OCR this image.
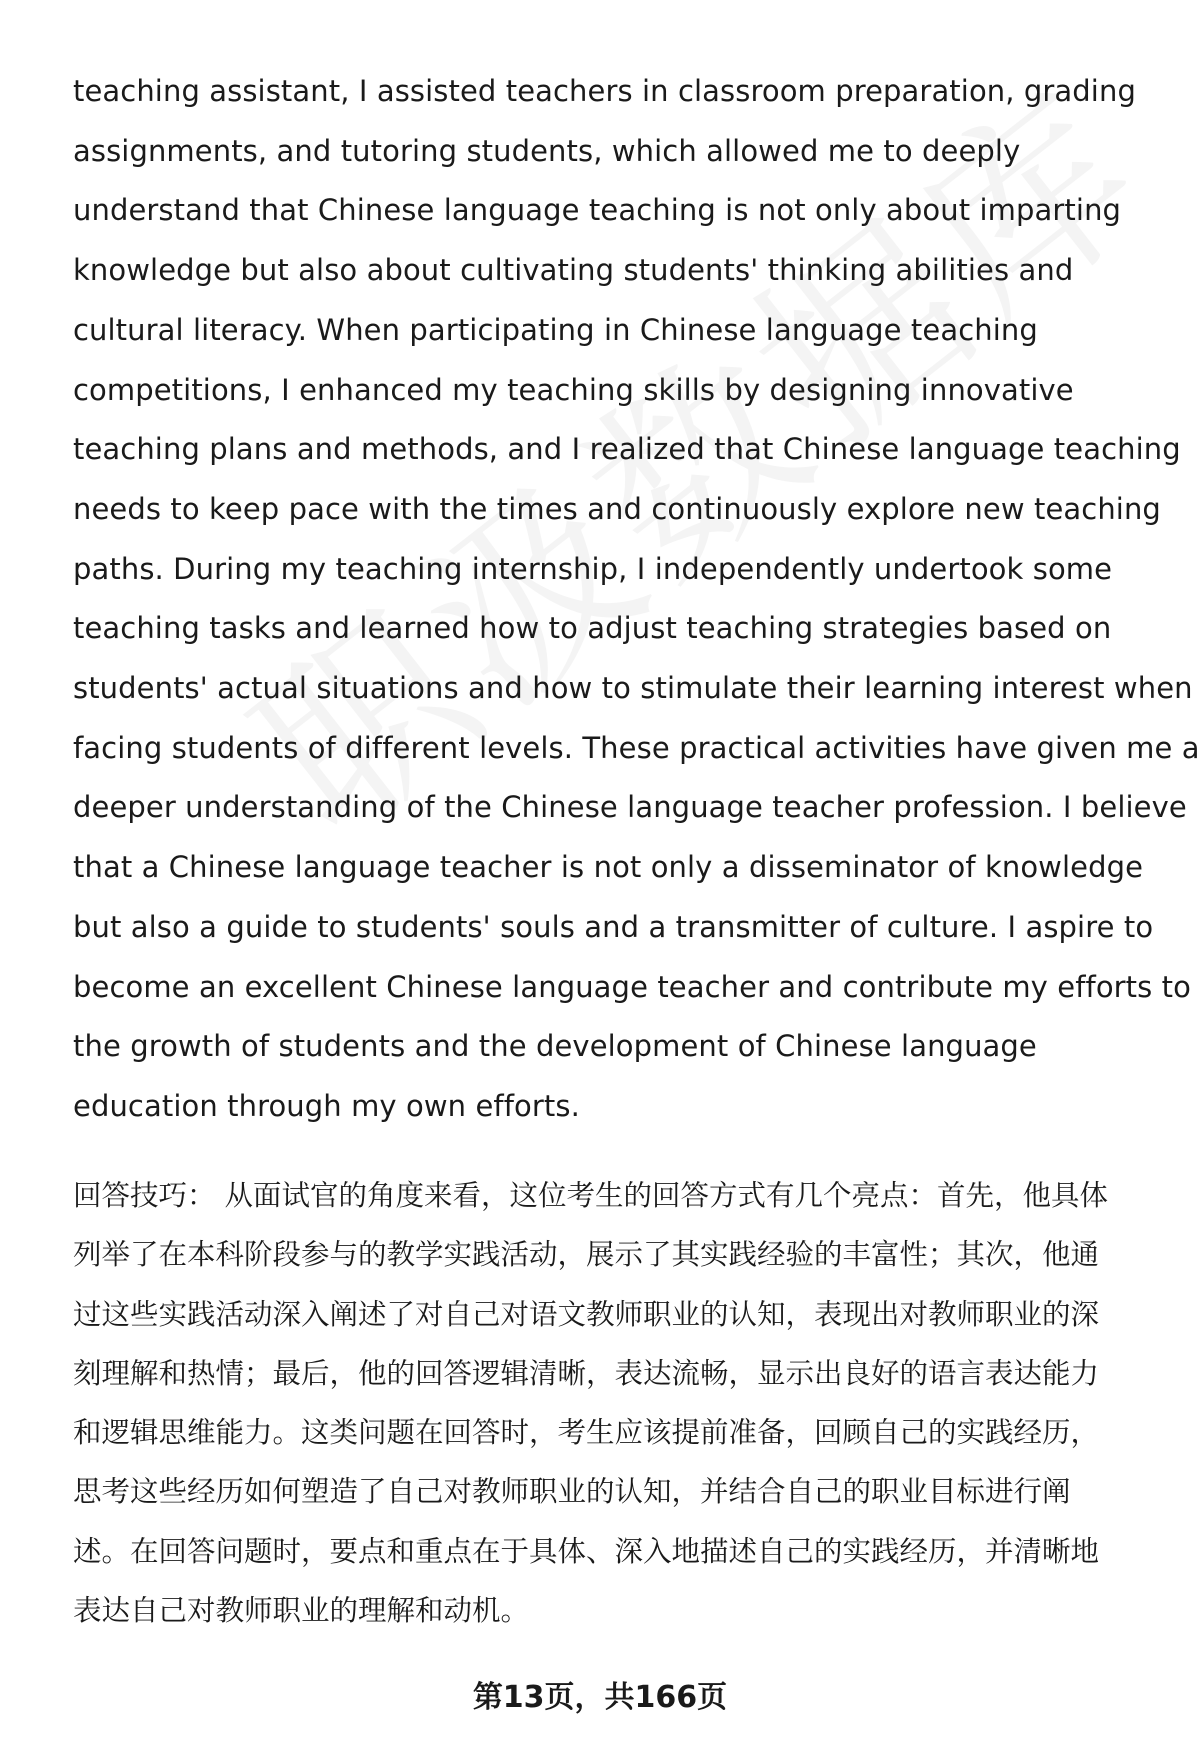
teaching assistant, I assisted teachers in classroom preparation, grading
assignments, and tutoring students, which allowed me to deeply
understand that Chinese language teaching is not only about imparting
knowledge but also about cultivating students' thinking abilities and
cultural literacy. When participating in Chinese language teaching
competitions, I enhanced my teaching skills by designing innovative
teaching plans and methods, and I realized that Chinese language teaching
needs to keep pace with the times and continuously explore new teaching
paths. During my teaching internship, I independently undertook some
teaching tasks and learned how to adjust teaching strategies based on
students' actual situations and how to stimulate their learning interest when
facing students of different levels. These practical activities have given me a
deeper understanding of the Chinese language teacher profession. I believe
that a Chinese language teacher is not only a disseminator of knowledge
but also a guide to students' souls and a transmitter of culture. I aspire to
become an excellent Chinese language teacher and contribute my efforts to
the growth of students and the development of Chinese language
education through my own efforts.
回答技巧： 从面试官的角度来看，这位考生的回答方式有几个亮点：首先，他具体
列举了在本科阶段参与的教学实践活动，展示了其实践经验的丰富性；其次，他通
过这些实践活动深入阐述了对自己对语文教师职业的认知，表现出对教师职业的深
刻理解和热情；最后，他的回答逻辑清晰，表达流畅，显示出良好的语言表达能力
和逻辑思维能力。这类问题在回答时，考生应该提前准备，回顾自己的实践经历，
思考这些经历如何塑造了自己对教师职业的认知，并结合自己的职业目标进行阐
述。在回答问题时，要点和重点在于具体、深入地描述自己的实践经历，并清晰地
表达自己对教师职业的理解和动机。
第13页，共166页
